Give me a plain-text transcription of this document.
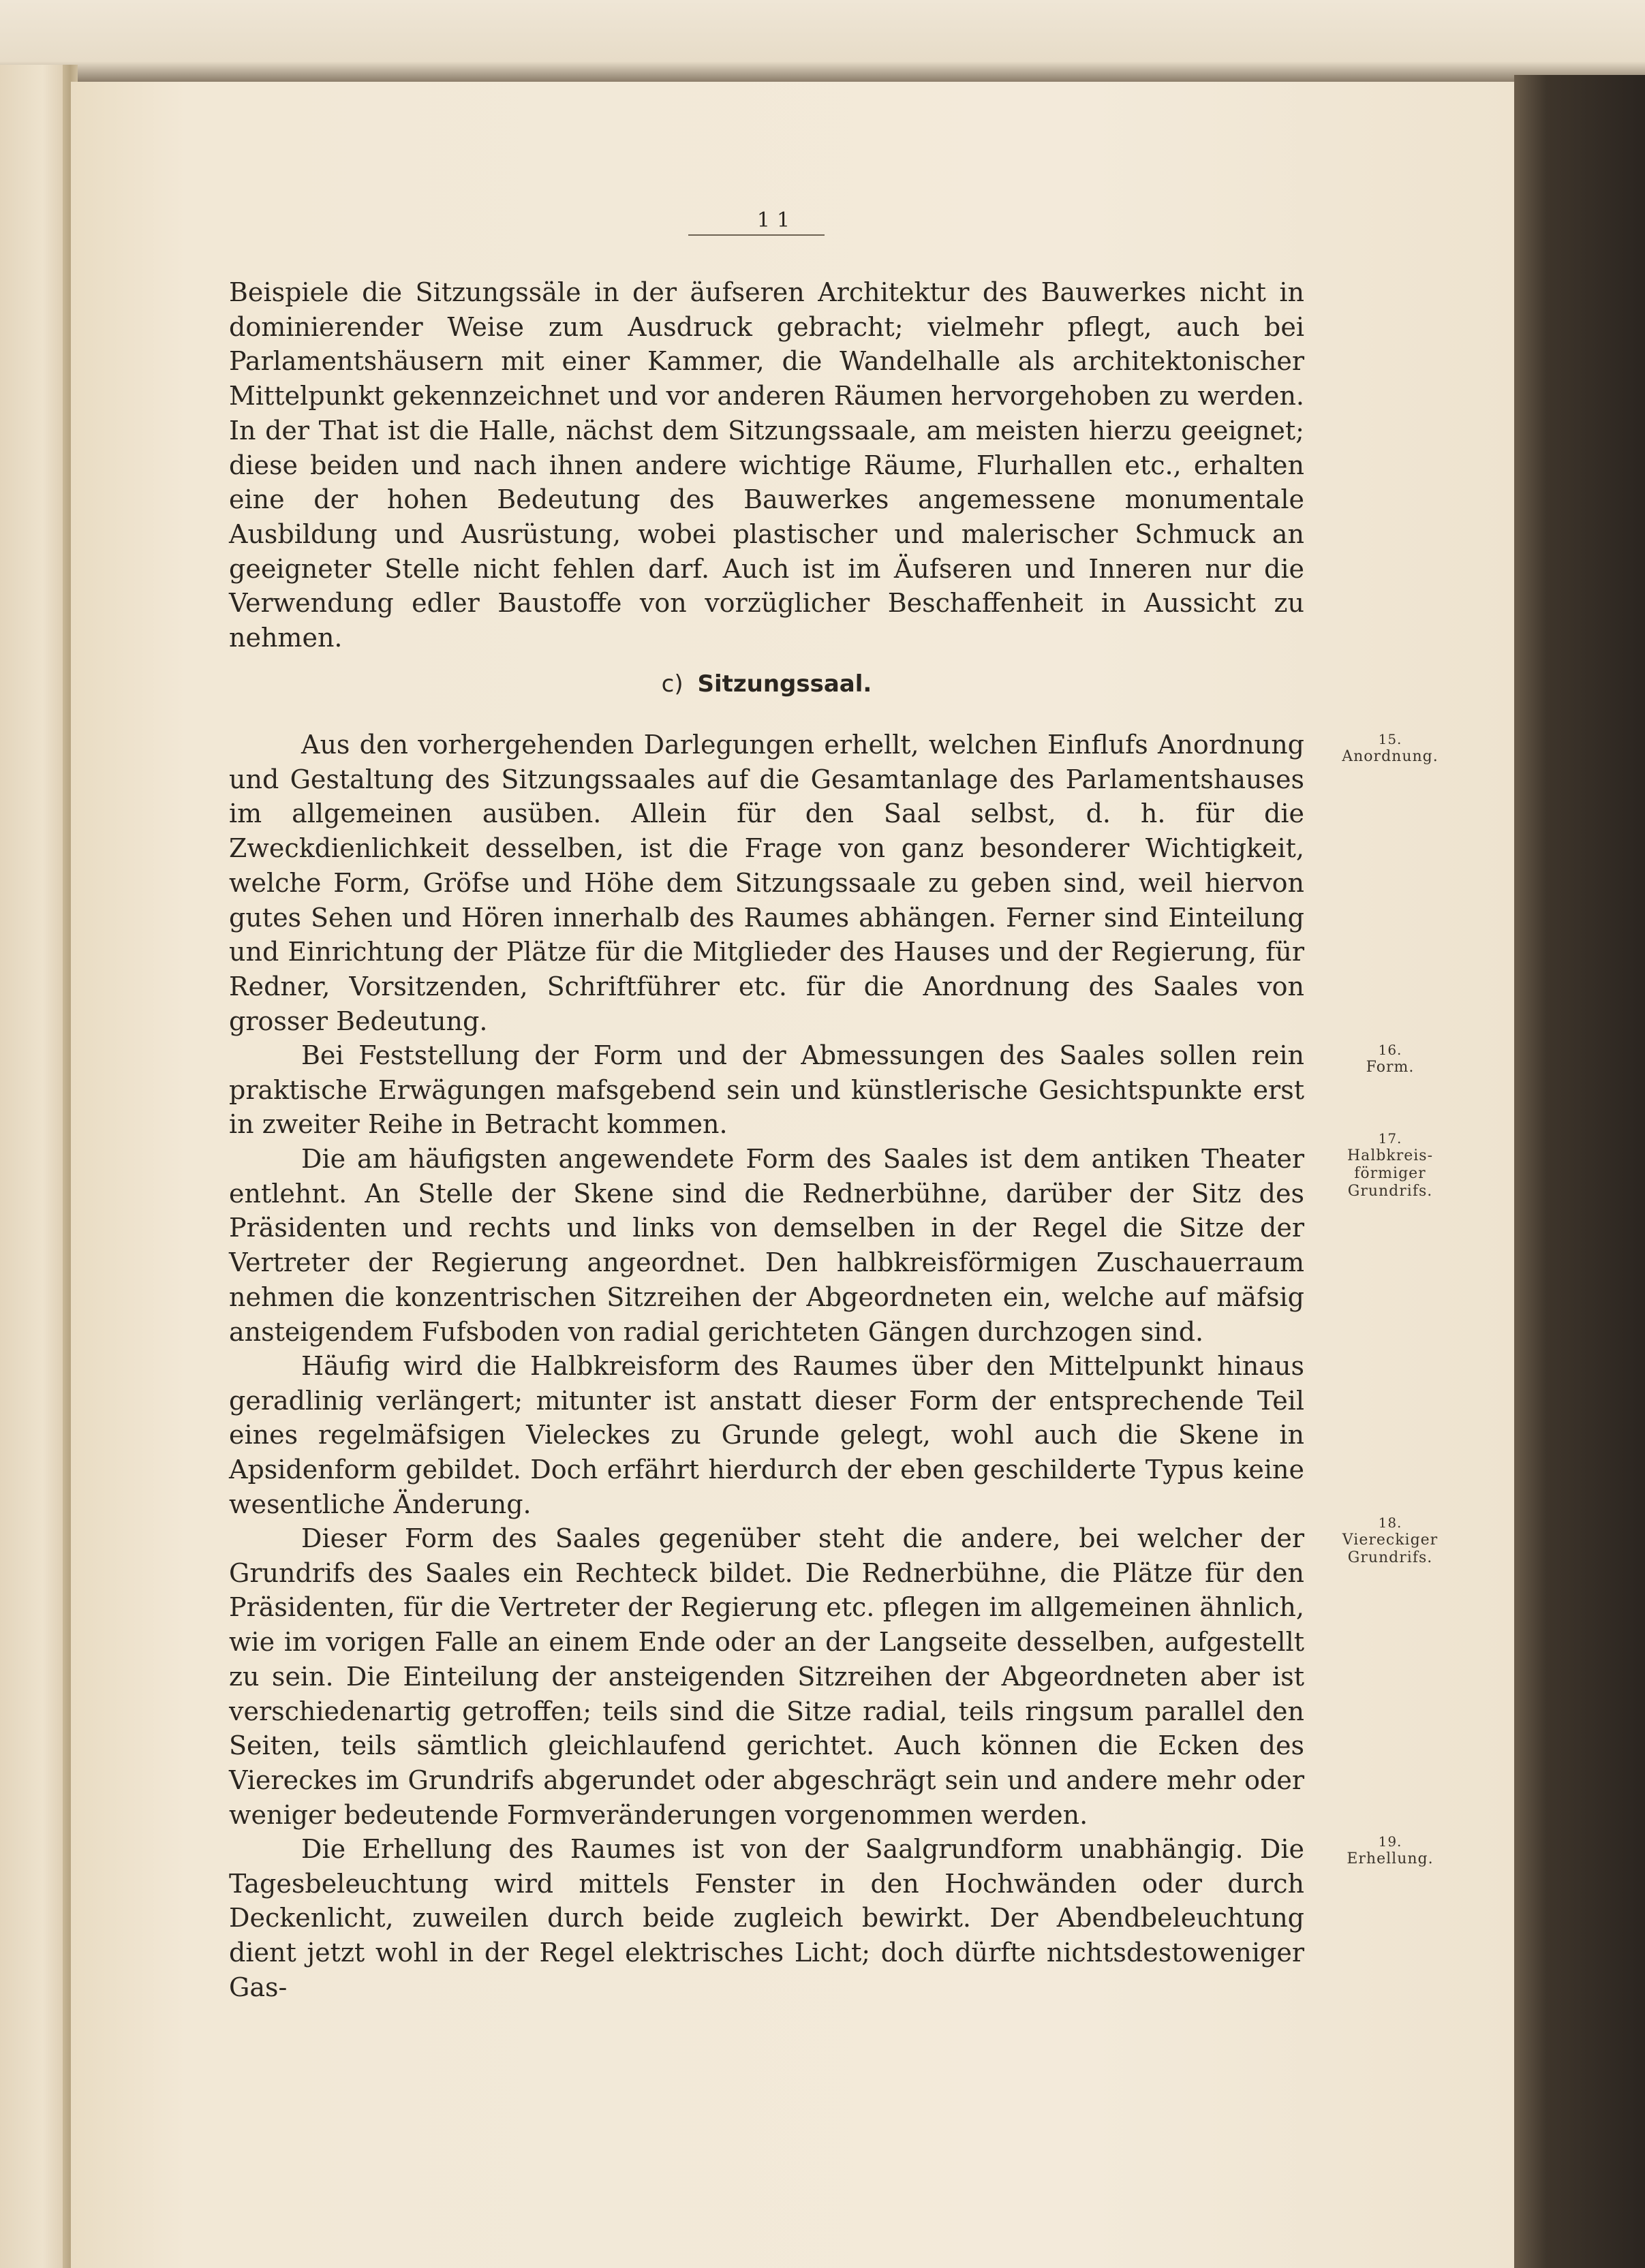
11

Beispiele die Sitzungssäle in der äufseren Architektur des Bauwerkes nicht in dominierender Weise zum Ausdruck gebracht; vielmehr pflegt, auch bei Parlamentshäusern mit einer Kammer, die Wandelhalle als architektonischer Mittelpunkt gekennzeichnet und vor anderen Räumen hervorgehoben zu werden. In der That ist die Halle, nächst dem Sitzungssaale, am meisten hierzu geeignet; diese beiden und nach ihnen andere wichtige Räume, Flurhallen etc., erhalten eine der hohen Bedeutung des Bauwerkes angemessene monumentale Ausbildung und Ausrüstung, wobei plastischer und malerischer Schmuck an geeigneter Stelle nicht fehlen darf. Auch ist im Äufseren und Inneren nur die Verwendung edler Baustoffe von vorzüglicher Beschaffenheit in Aussicht zu nehmen.

c) Sitzungssaal.

Aus den vorhergehenden Darlegungen erhellt, welchen Einflufs Anordnung und Gestaltung des Sitzungssaales auf die Gesamtanlage des Parlamentshauses im allgemeinen ausüben. Allein für den Saal selbst, d. h. für die Zweckdienlichkeit desselben, ist die Frage von ganz besonderer Wichtigkeit, welche Form, Gröfse und Höhe dem Sitzungssaale zu geben sind, weil hiervon gutes Sehen und Hören innerhalb des Raumes abhängen. Ferner sind Einteilung und Einrichtung der Plätze für die Mitglieder des Hauses und der Regierung, für Redner, Vorsitzenden, Schriftführer etc. für die Anordnung des Saales von grosser Bedeutung.

Bei Feststellung der Form und der Abmessungen des Saales sollen rein praktische Erwägungen mafsgebend sein und künstlerische Gesichtspunkte erst in zweiter Reihe in Betracht kommen.

Die am häufigsten angewendete Form des Saales ist dem antiken Theater entlehnt. An Stelle der Skene sind die Rednerbühne, darüber der Sitz des Präsidenten und rechts und links von demselben in der Regel die Sitze der Vertreter der Regierung angeordnet. Den halbkreisförmigen Zuschauerraum nehmen die konzentrischen Sitzreihen der Abgeordneten ein, welche auf mäfsig ansteigendem Fufsboden von radial gerichteten Gängen durchzogen sind.

Häufig wird die Halbkreisform des Raumes über den Mittelpunkt hinaus geradlinig verlängert; mitunter ist anstatt dieser Form der entsprechende Teil eines regelmäfsigen Vieleckes zu Grunde gelegt, wohl auch die Skene in Apsidenform gebildet. Doch erfährt hierdurch der eben geschilderte Typus keine wesentliche Änderung.

Dieser Form des Saales gegenüber steht die andere, bei welcher der Grundrifs des Saales ein Rechteck bildet. Die Rednerbühne, die Plätze für den Präsidenten, für die Vertreter der Regierung etc. pflegen im allgemeinen ähnlich, wie im vorigen Falle an einem Ende oder an der Langseite desselben, aufgestellt zu sein. Die Einteilung der ansteigenden Sitzreihen der Abgeordneten aber ist verschiedenartig getroffen; teils sind die Sitze radial, teils ringsum parallel den Seiten, teils sämtlich gleichlaufend gerichtet. Auch können die Ecken des Viereckes im Grundrifs abgerundet oder abgeschrägt sein und andere mehr oder weniger bedeutende Formveränderungen vorgenommen werden.

Die Erhellung des Raumes ist von der Saalgrundform unabhängig. Die Tagesbeleuchtung wird mittels Fenster in den Hochwänden oder durch Deckenlicht, zuweilen durch beide zugleich bewirkt. Der Abendbeleuchtung dient jetzt wohl in der Regel elektrisches Licht; doch dürfte nichtsdestoweniger Gas-

15.
Anordnung.
16.
Form.
17.
Halbkreis-
förmiger
Grundrifs.
18.
Viereckiger
Grundrifs.
19.
Erhellung.
